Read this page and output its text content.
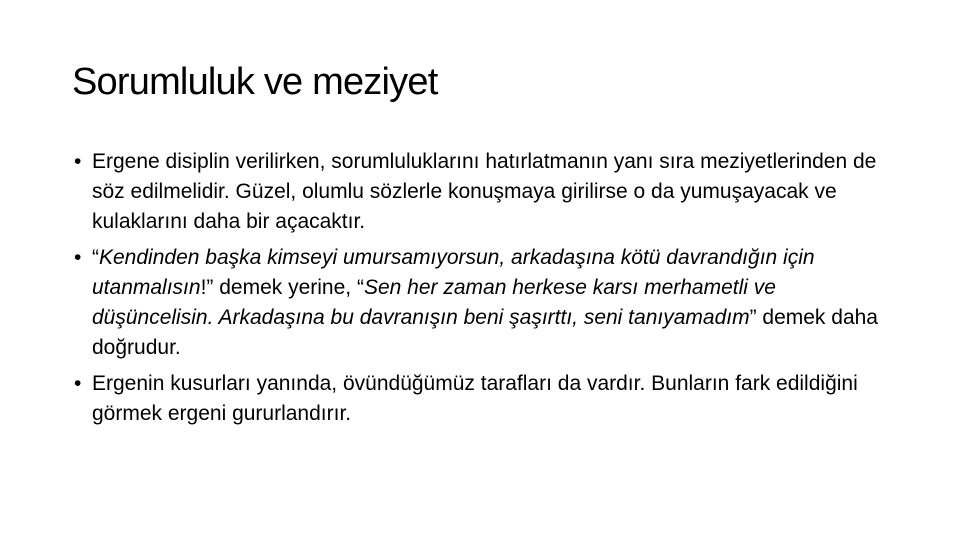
Sorumluluk ve meziyet
• Ergene disiplin verilirken, sorumluluklarını hatırlatmanın yanı sıra meziyetlerinden de söz edilmelidir. Güzel, olumlu sözlerle konuşmaya girilirse o da yumuşayacak ve kulaklarını daha bir açacaktır.
• “Kendinden başka kimseyi umursamıyorsun, arkadaşına kötü davrandığın için utanmalısın!” demek yerine, “Sen her zaman herkese karsı merhametli ve düşüncelisin. Arkadaşına bu davranışın beni şaşırttı, seni tanıyamadım” demek daha doğrudur.
• Ergenin kusurları yanında, övündüğümüz tarafları da vardır. Bunların fark edildiğini görmek ergeni gururlandırır.
